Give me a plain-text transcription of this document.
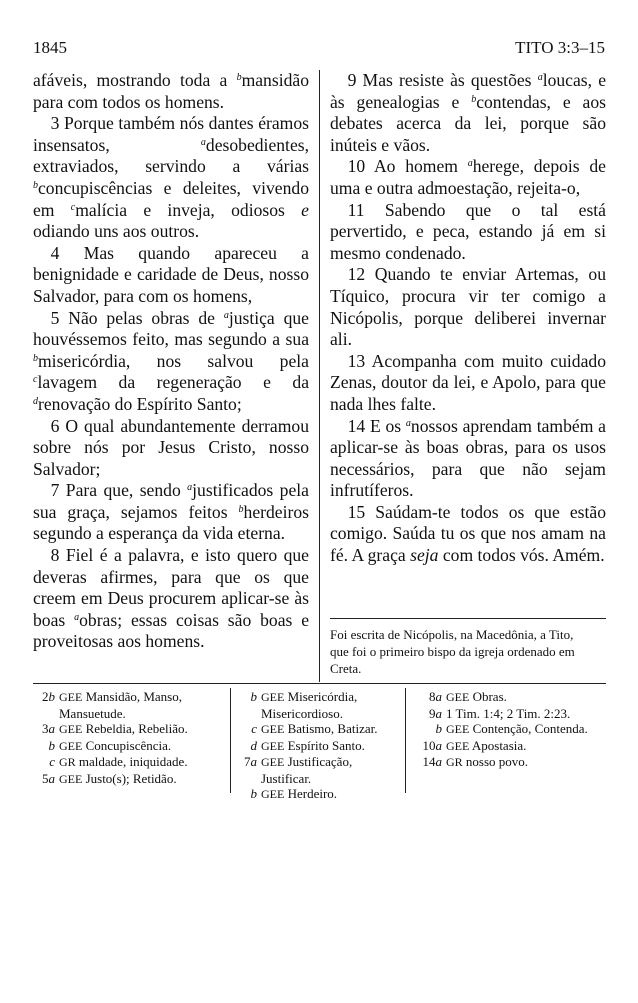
1845	TITO 3:3–15

afáveis, mostrando toda a $^b$mansidão para com todos os homens.

3 Porque também nós dantes éramos insensatos, $^a$desobedientes, extraviados, servindo a várias $^b$concupiscências e deleites, vivendo em $^c$malícia e inveja, odiosos e odiando uns aos outros.

4 Mas quando apareceu a benignidade e caridade de Deus, nosso Salvador, para com os homens,

5 Não pelas obras de $^a$justiça que houvéssemos feito, mas segundo a sua $^b$misericórdia, nos salvou pela $^c$lavagem da regeneração e da $^d$renovação do Espírito Santo;

6 O qual abundantemente derramou sobre nós por Jesus Cristo, nosso Salvador;

7 Para que, sendo $^a$justificados pela sua graça, sejamos feitos $^b$herdeiros segundo a esperança da vida eterna.

8 Fiel é a palavra, e isto quero que deveras afirmes, para que os que creem em Deus procurem aplicar-se às boas $^a$obras; essas coisas são boas e proveitosas aos homens.

9 Mas resiste às questões $^a$loucas, e às genealogias e $^b$contendas, e aos debates acerca da lei, porque são inúteis e vãos.

10 Ao homem $^a$herege, depois de uma e outra admoestação, rejeita-o,

11 Sabendo que o tal está pervertido, e peca, estando já em si mesmo condenado.

12 Quando te enviar Artemas, ou Tíquico, procura vir ter comigo a Nicópolis, porque deliberei invernar ali.

13 Acompanha com muito cuidado Zenas, doutor da lei, e Apolo, para que nada lhes falte.

14 E os $^a$nossos aprendam também a aplicar-se às boas obras, para os usos necessários, para que não sejam infrutíferos.

15 Saúdam-te todos os que estão comigo. Saúda tu os que nos amam na fé. A graça seja com todos vós. Amém.

Foi escrita de Nicópolis, na Macedônia, a Tito, que foi o primeiro bispo da igreja ordenado em Creta.
2b GEE Mansidão, Manso, Mansuetude.
3a GEE Rebeldia, Rebelião.
b GEE Concupiscência.
c GR maldade, iniquidade.
5a GEE Justo(s); Retidão.
b GEE Misericórdia, Misericordioso.
c GEE Batismo, Batizar.
d GEE Espírito Santo.
7a GEE Justificação, Justificar.
b GEE Herdeiro.
8a GEE Obras.
9a 1 Tim. 1:4; 2 Tim. 2:23.
b GEE Contenção, Contenda.
10a GEE Apostasia.
14a GR nosso povo.
